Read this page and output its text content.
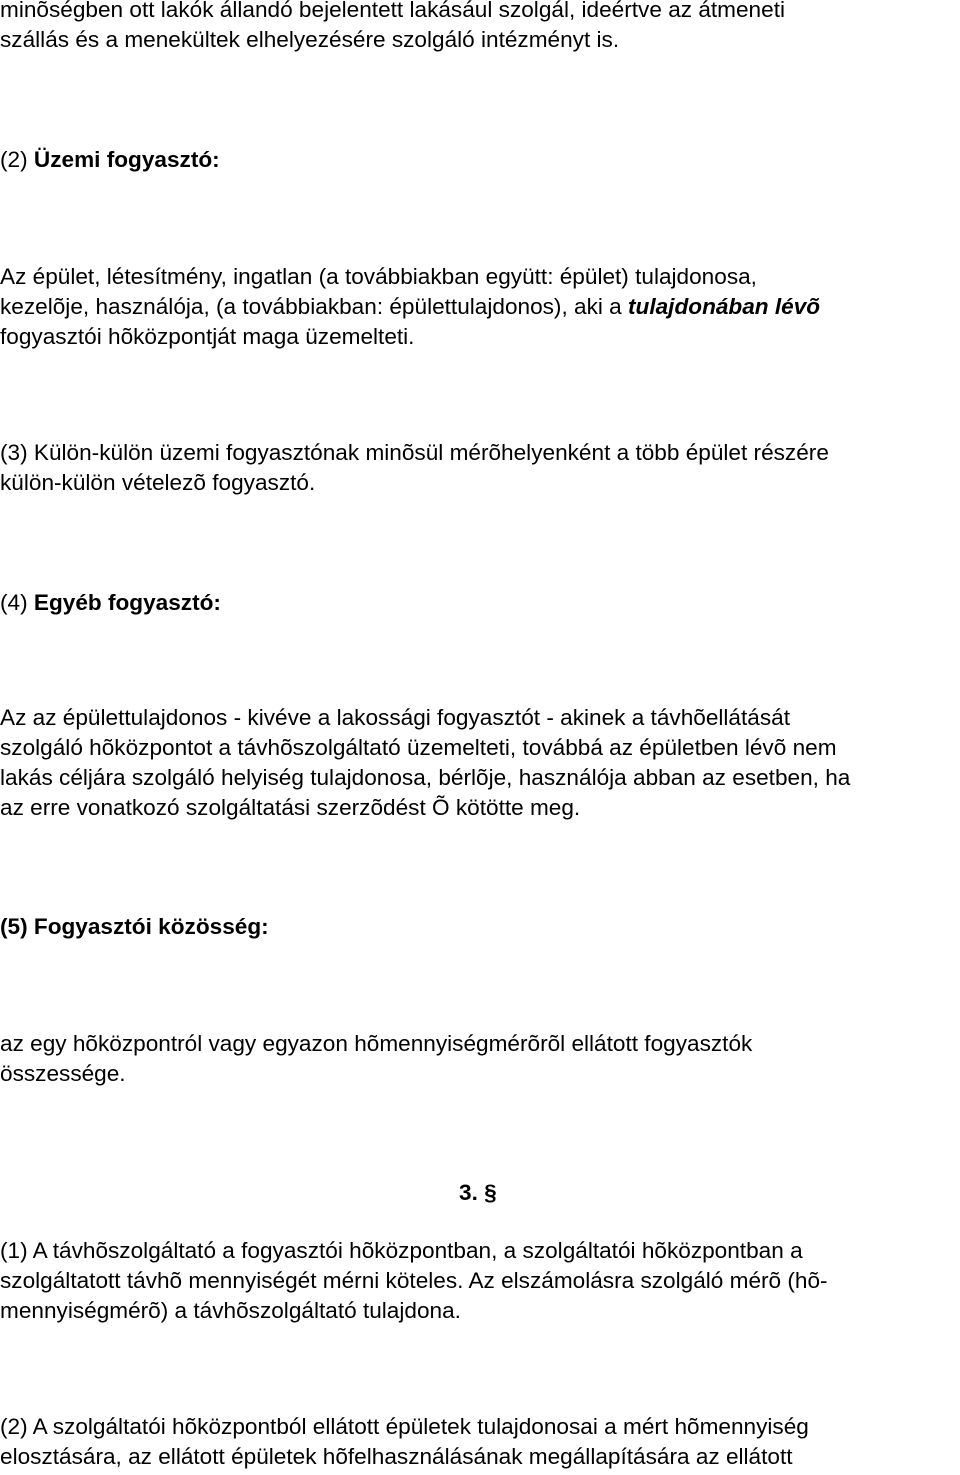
minõségben ott lakók állandó bejelentett lakásául szolgál, ideértve az átmeneti
szállás és a menekültek elhelyezésére szolgáló intézményt is.
(2) Üzemi fogyasztó:
Az épület, létesítmény, ingatlan (a továbbiakban együtt: épület) tulajdonosa,
kezelõje, használója, (a továbbiakban: épülettulajdonos), aki a tulajdonában lévõ
fogyasztói hõközpontját maga üzemelteti.
(3) Külön-külön üzemi fogyasztónak minõsül mérõhelyenként a több épület részére
külön-külön vételezõ fogyasztó.
(4) Egyéb fogyasztó:
Az az épülettulajdonos - kivéve a lakossági fogyasztót - akinek a távhõellátását
szolgáló hõközpontot a távhõszolgáltató üzemelteti, továbbá az épületben lévõ nem
lakás céljára szolgáló helyiség tulajdonosa, bérlõje, használója abban az esetben, ha
az erre vonatkozó szolgáltatási szerzõdést Õ kötötte meg.
(5) Fogyasztói közösség:
az egy hõközpontról vagy egyazon hõmennyiségmérõrõl ellátott fogyasztók
összessége.
3. §
(1) A távhõszolgáltató a fogyasztói hõközpontban, a szolgáltatói hõközpontban a
szolgáltatott távhõ mennyiségét mérni köteles. Az elszámolásra szolgáló mérõ (hõ-
mennyiségmérõ) a távhõszolgáltató tulajdona.
(2) A szolgáltatói hõközpontból ellátott épületek tulajdonosai a mért hõmennyiség
elosztására, az ellátott épületek hõfelhasználásának megállapítására az ellátott
